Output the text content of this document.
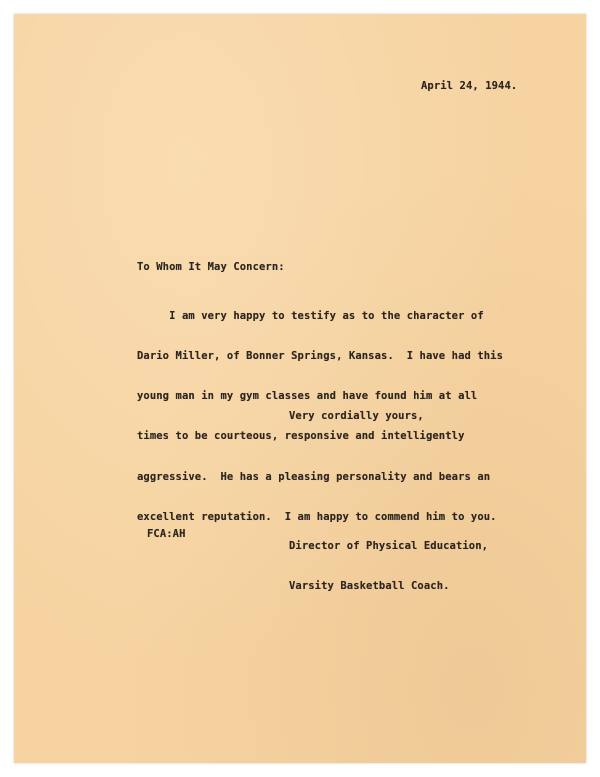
April 24, 1944.
To Whom It May Concern:

I am very happy to testify as to the character of

Dario Miller, of Bonner Springs, Kansas.  I have had this

young man in my gym classes and have found him at all

times to be courteous, responsive and intelligently

aggressive.  He has a pleasing personality and bears an

excellent reputation.  I am happy to commend him to you.

Very cordially yours,

Director of Physical Education,

Varsity Basketball Coach.

FCA:AH
